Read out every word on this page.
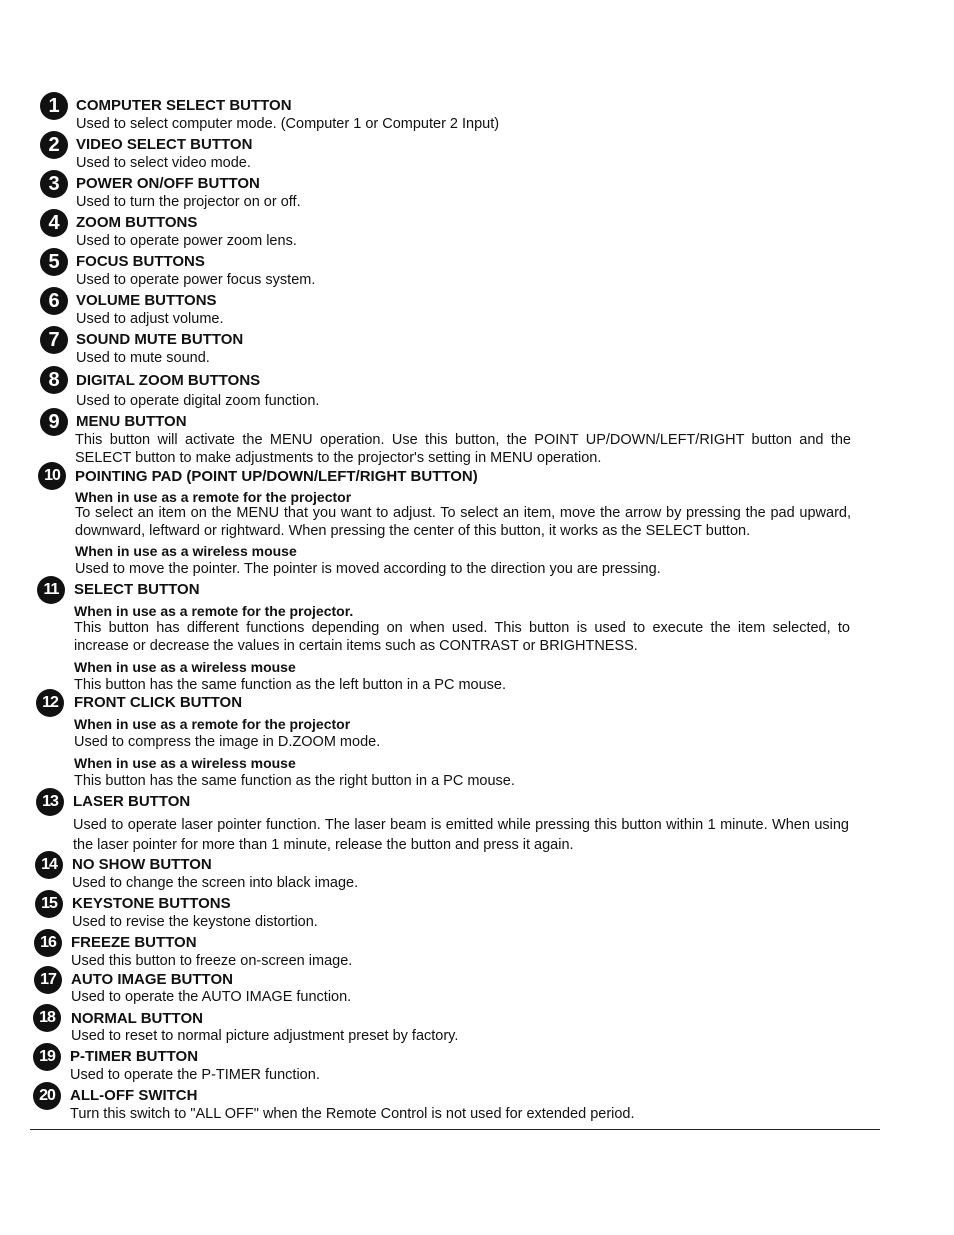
1	COMPUTER SELECT BUTTON
Used to select computer mode. (Computer 1 or Computer 2 Input)
2	VIDEO SELECT BUTTON
Used to select video mode.
3	POWER ON/OFF BUTTON
Used to turn the projector on or off.
4	ZOOM BUTTONS
Used to operate power zoom lens.
5	FOCUS BUTTONS
Used to operate power focus system.
6	VOLUME BUTTONS
Used to adjust volume.
7	SOUND MUTE BUTTON
Used to mute sound.
8	DIGITAL ZOOM BUTTONS
Used to operate digital zoom function.
9	MENU BUTTON
This button will activate the MENU operation. Use this button, the POINT UP/DOWN/LEFT/RIGHT button and the SELECT button to make adjustments to the projector's setting in MENU operation.
10	POINTING PAD (POINT UP/DOWN/LEFT/RIGHT BUTTON)
When in use as a remote for the projector
To select an item on the MENU that you want to adjust. To select an item, move the arrow by pressing the pad upward, downward, leftward or rightward. When pressing the center of this button, it works as the SELECT button.
When in use as a wireless mouse
Used to move the pointer. The pointer is moved according to the direction you are pressing.
11	SELECT BUTTON
When in use as a remote for the projector.
This button has different functions depending on when used. This button is used to execute the item selected, to increase or decrease the values in certain items such as CONTRAST or BRIGHTNESS.
When in use as a wireless mouse
This button has the same function as the left button in a PC mouse.
12	FRONT CLICK BUTTON
When in use as a remote for the projector
Used to compress the image in D.ZOOM mode.
When in use as a wireless mouse
This button has the same function as the right button in a PC mouse.
13	LASER BUTTON
Used to operate laser pointer function. The laser beam is emitted while pressing this button within 1 minute. When using the laser pointer for more than 1 minute, release the button and press it again.
14	NO SHOW BUTTON
Used to change the screen into black image.
15	KEYSTONE BUTTONS
Used to revise the keystone distortion.
16	FREEZE BUTTON
Used this button to freeze on-screen image.
17	AUTO IMAGE BUTTON
Used to operate the AUTO IMAGE function.
18	NORMAL BUTTON
Used to reset to normal picture adjustment preset by factory.
19	P-TIMER BUTTON
Used to operate the P-TIMER function.
20	ALL-OFF SWITCH
Turn this switch to "ALL OFF" when the Remote Control is not used for extended period.
